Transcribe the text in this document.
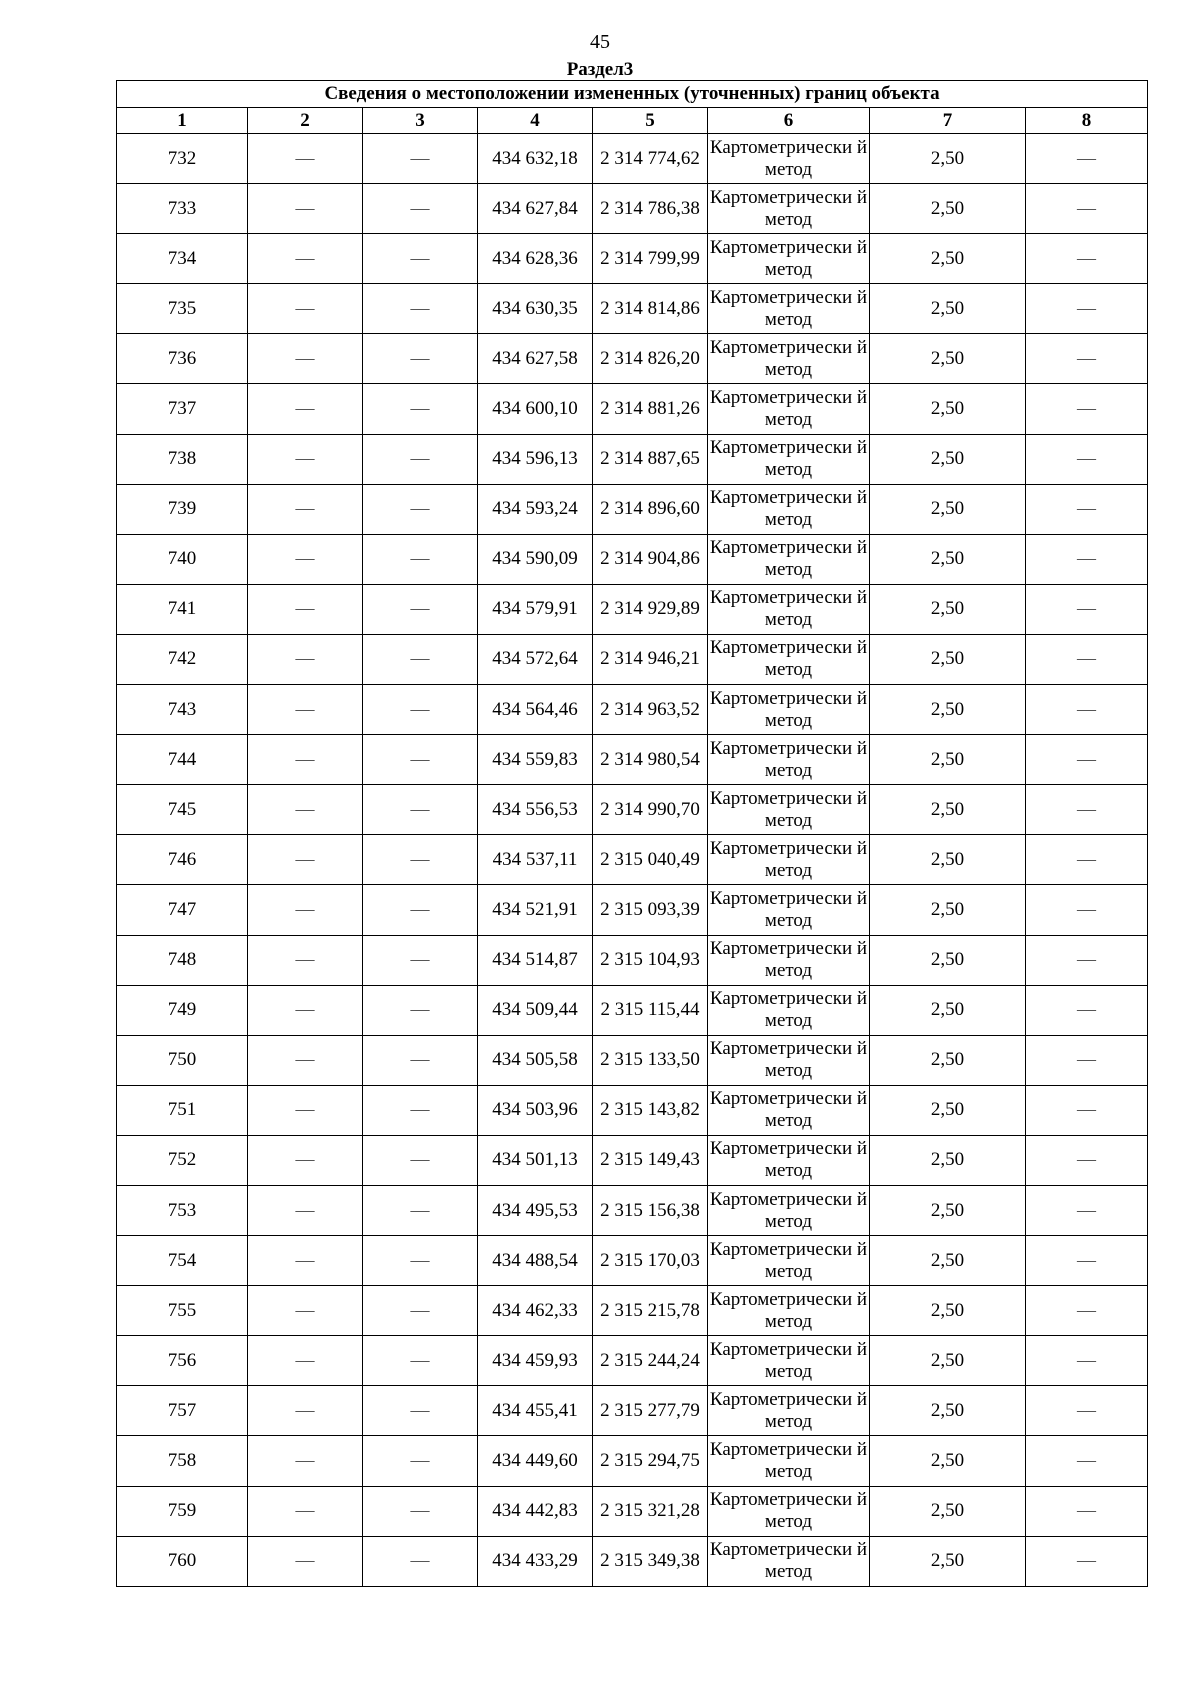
45
Раздел3
Сведения о местоположении измененных (уточненных) границ объекта							
1	2	3	4	5	6	7	8
732	—	—	434 632,18	2 314 774,62	Картометрически й метод	2,50	—
733	—	—	434 627,84	2 314 786,38	Картометрически й метод	2,50	—
734	—	—	434 628,36	2 314 799,99	Картометрически й метод	2,50	—
735	—	—	434 630,35	2 314 814,86	Картометрически й метод	2,50	—
736	—	—	434 627,58	2 314 826,20	Картометрически й метод	2,50	—
737	—	—	434 600,10	2 314 881,26	Картометрически й метод	2,50	—
738	—	—	434 596,13	2 314 887,65	Картометрически й метод	2,50	—
739	—	—	434 593,24	2 314 896,60	Картометрически й метод	2,50	—
740	—	—	434 590,09	2 314 904,86	Картометрически й метод	2,50	—
741	—	—	434 579,91	2 314 929,89	Картометрически й метод	2,50	—
742	—	—	434 572,64	2 314 946,21	Картометрически й метод	2,50	—
743	—	—	434 564,46	2 314 963,52	Картометрически й метод	2,50	—
744	—	—	434 559,83	2 314 980,54	Картометрически й метод	2,50	—
745	—	—	434 556,53	2 314 990,70	Картометрически й метод	2,50	—
746	—	—	434 537,11	2 315 040,49	Картометрически й метод	2,50	—
747	—	—	434 521,91	2 315 093,39	Картометрически й метод	2,50	—
748	—	—	434 514,87	2 315 104,93	Картометрически й метод	2,50	—
749	—	—	434 509,44	2 315 115,44	Картометрически й метод	2,50	—
750	—	—	434 505,58	2 315 133,50	Картометрически й метод	2,50	—
751	—	—	434 503,96	2 315 143,82	Картометрически й метод	2,50	—
752	—	—	434 501,13	2 315 149,43	Картометрически й метод	2,50	—
753	—	—	434 495,53	2 315 156,38	Картометрически й метод	2,50	—
754	—	—	434 488,54	2 315 170,03	Картометрически й метод	2,50	—
755	—	—	434 462,33	2 315 215,78	Картометрически й метод	2,50	—
756	—	—	434 459,93	2 315 244,24	Картометрически й метод	2,50	—
757	—	—	434 455,41	2 315 277,79	Картометрически й метод	2,50	—
758	—	—	434 449,60	2 315 294,75	Картометрически й метод	2,50	—
759	—	—	434 442,83	2 315 321,28	Картометрически й метод	2,50	—
760	—	—	434 433,29	2 315 349,38	Картометрически й метод	2,50	—
